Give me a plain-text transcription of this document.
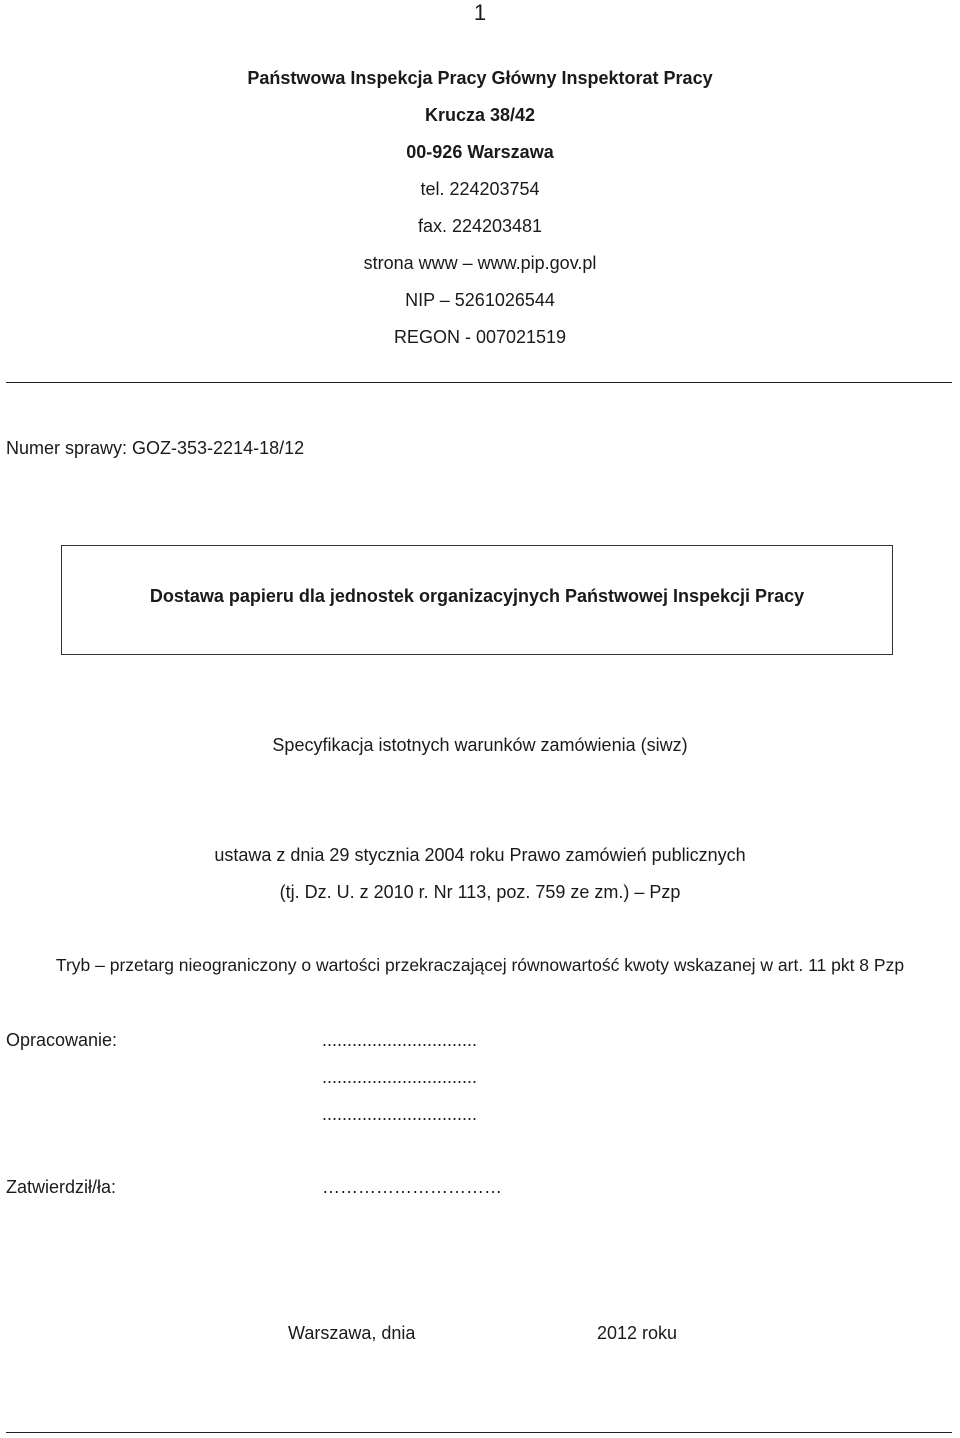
1
Państwowa Inspekcja Pracy Główny Inspektorat Pracy
Krucza 38/42
00-926 Warszawa
tel. 224203754
fax. 224203481
strona www – www.pip.gov.pl
NIP – 5261026544
REGON - 007021519
Numer sprawy: GOZ-353-2214-18/12
Dostawa papieru dla jednostek organizacyjnych Państwowej Inspekcji Pracy
Specyfikacja istotnych warunków zamówienia (siwz)
ustawa z dnia 29 stycznia 2004 roku Prawo zamówień publicznych
(tj. Dz. U. z 2010 r. Nr 113, poz. 759 ze zm.) – Pzp
Tryb – przetarg nieograniczony o wartości przekraczającej równowartość kwoty wskazanej w art. 11 pkt 8 Pzp
Opracowanie:	...............................
...............................
...............................
Zatwierdził/ła:	…………………………
Warszawa, dnia	2012 roku
